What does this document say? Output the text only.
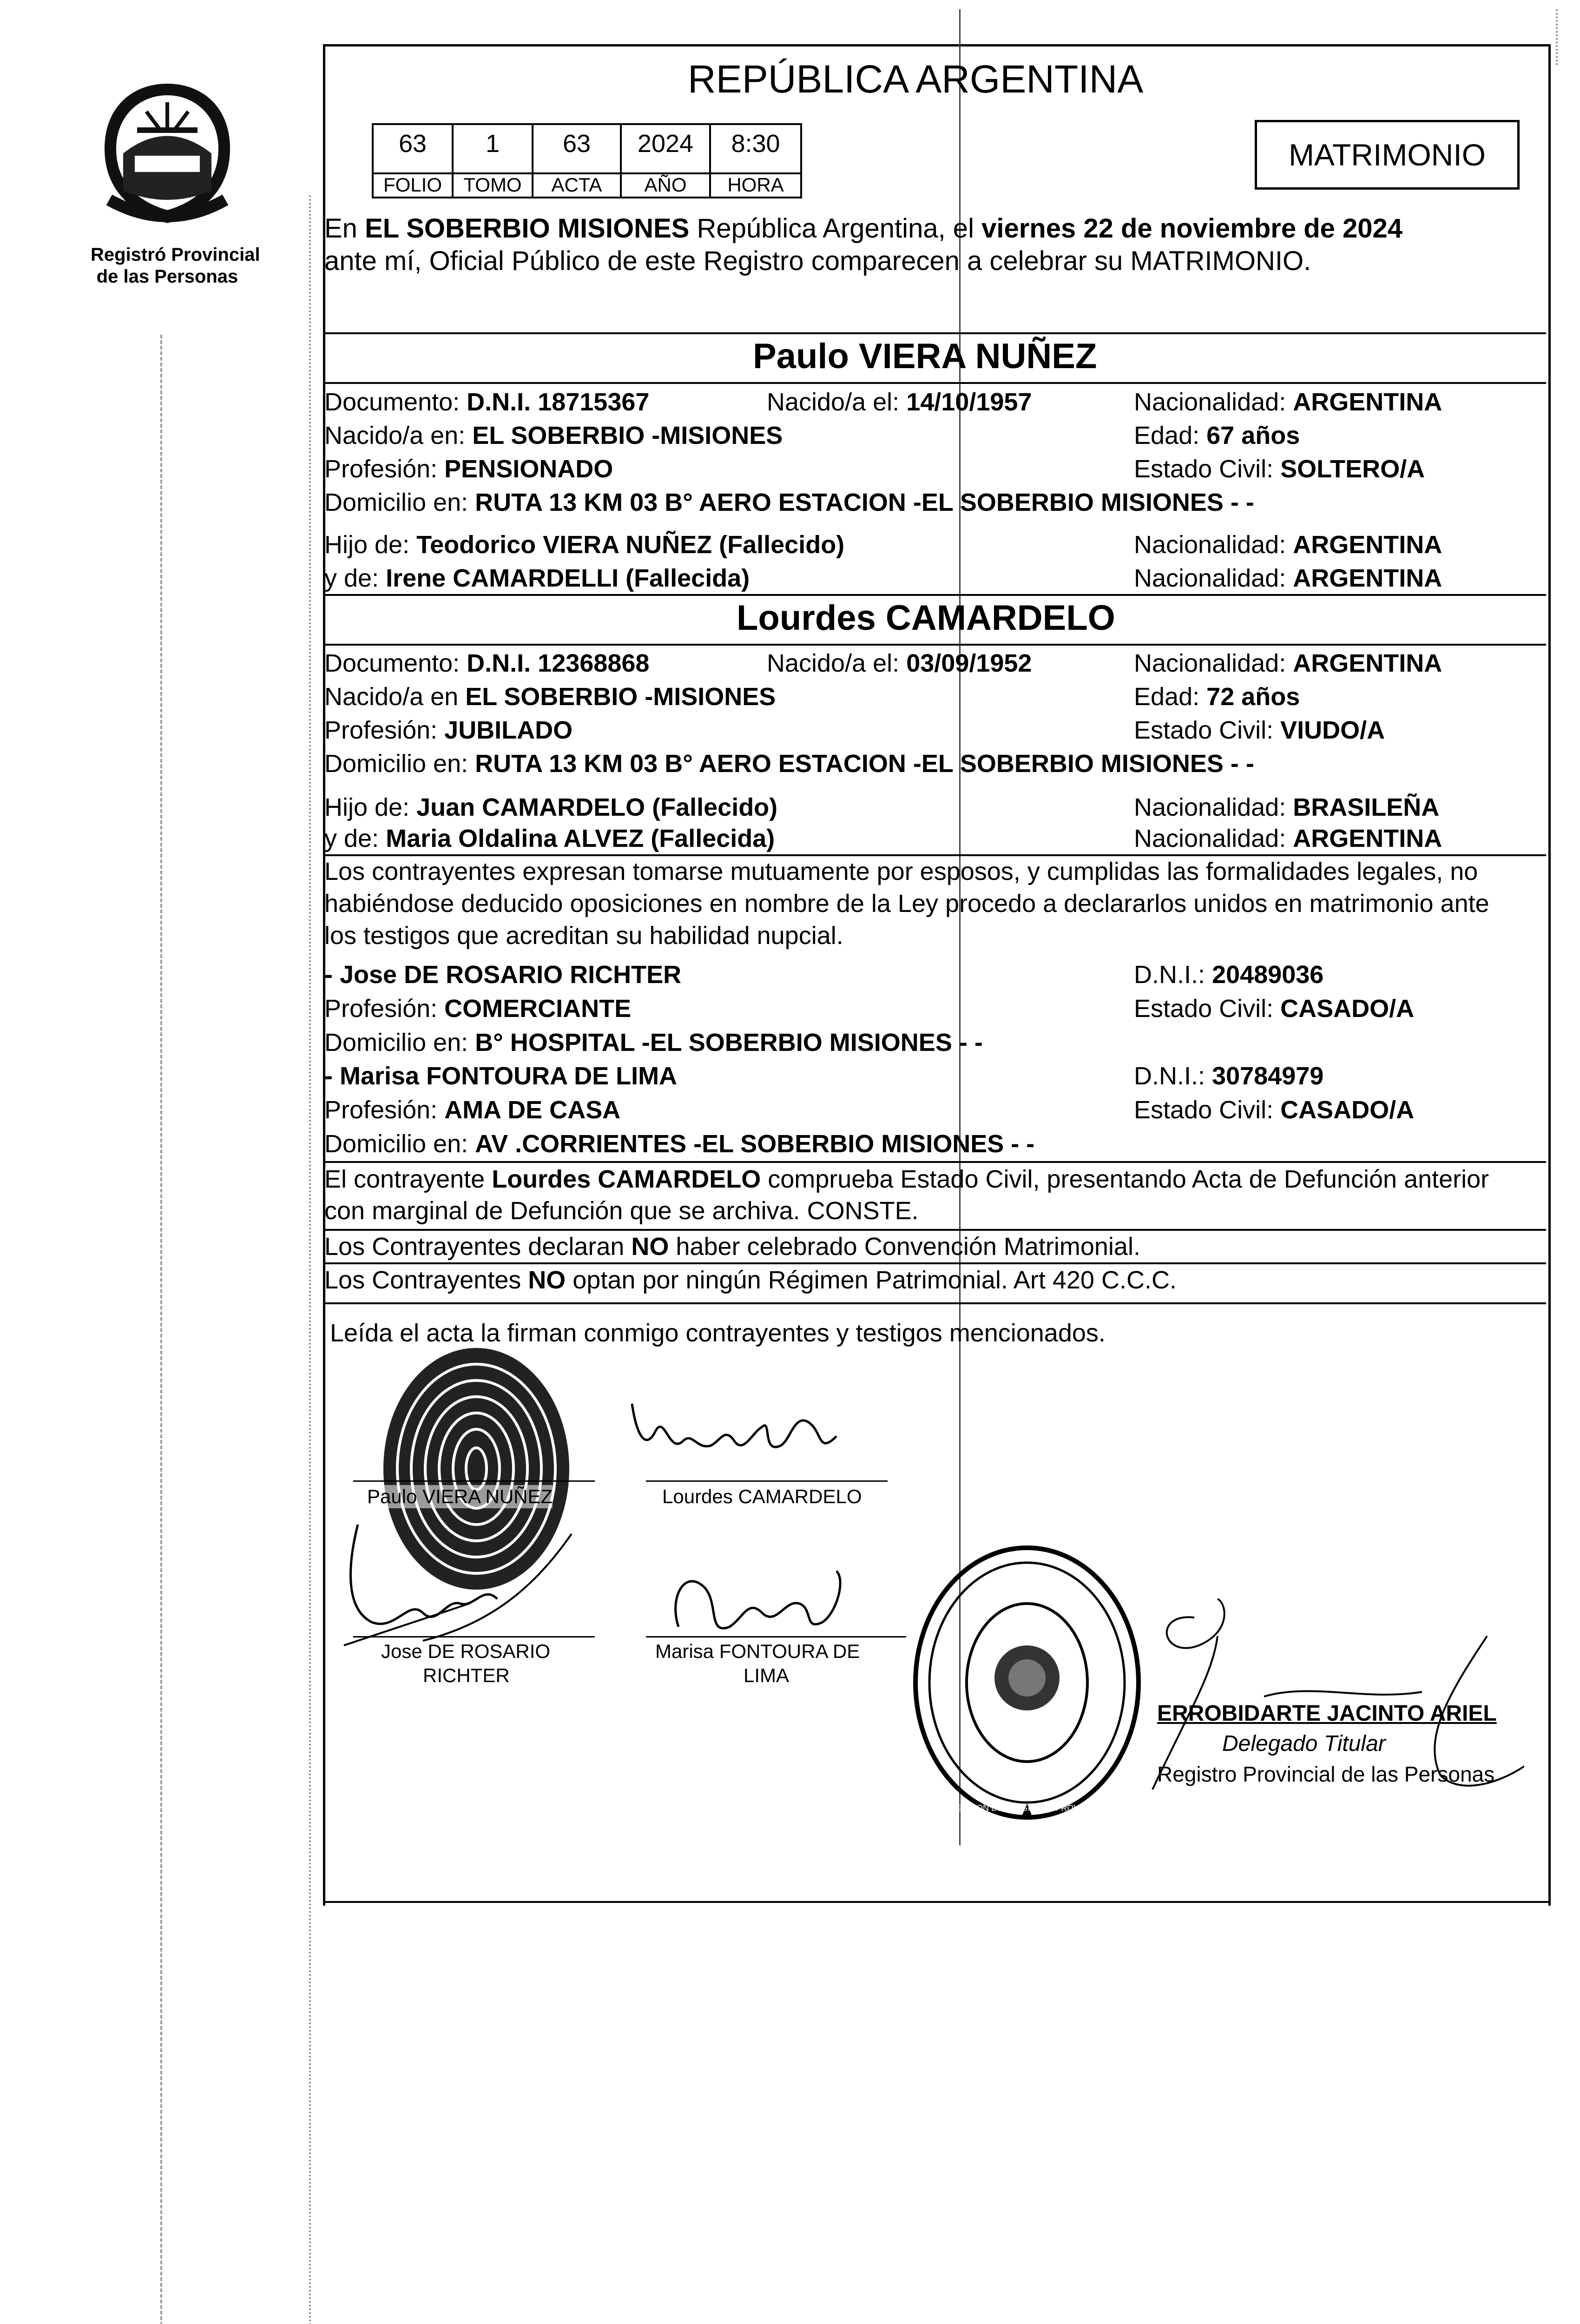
Registró Provincial
de las Personas
REPÚBLICA ARGENTINA
63	1	63	2024	8:30
FOLIO	TOMO	ACTA	AÑO	HORA
MATRIMONIO
En EL SOBERBIO MISIONES República Argentina, el viernes 22 de noviembre de 2024
ante mí, Oficial Público de este Registro comparecen a celebrar su MATRIMONIO.
Paulo VIERA NUÑEZ
Documento: D.N.I. 18715367	Nacido/a el: 14/10/1957	Nacionalidad: ARGENTINA
Nacido/a en: EL SOBERBIO -MISIONES	Edad: 67 años
Profesión: PENSIONADO	Estado Civil: SOLTERO/A
Domicilio en: RUTA 13 KM 03 B° AERO ESTACION -EL SOBERBIO MISIONES - -
Hijo de: Teodorico VIERA NUÑEZ (Fallecido)	Nacionalidad: ARGENTINA
y de: Irene CAMARDELLI (Fallecida)	Nacionalidad: ARGENTINA
Lourdes CAMARDELO
Documento: D.N.I. 12368868	Nacido/a el: 03/09/1952	Nacionalidad: ARGENTINA
Nacido/a en EL SOBERBIO -MISIONES	Edad: 72 años
Profesión: JUBILADO	Estado Civil: VIUDO/A
Domicilio en: RUTA 13 KM 03 B° AERO ESTACION -EL SOBERBIO MISIONES - -
Hijo de: Juan CAMARDELO (Fallecido)	Nacionalidad: BRASILEÑA
y de: Maria Oldalina ALVEZ (Fallecida)	Nacionalidad: ARGENTINA
Los contrayentes expresan tomarse mutuamente por esposos, y cumplidas las formalidades legales, no
habiéndose deducido oposiciones en nombre de la Ley procedo a declararlos unidos en matrimonio ante
los testigos que acreditan su habilidad nupcial.
- Jose DE ROSARIO RICHTER	D.N.I.: 20489036
Profesión: COMERCIANTE	Estado Civil: CASADO/A
Domicilio en: B° HOSPITAL -EL SOBERBIO MISIONES - -
- Marisa FONTOURA DE LIMA	D.N.I.: 30784979
Profesión: AMA DE CASA	Estado Civil: CASADO/A
Domicilio en: AV .CORRIENTES -EL SOBERBIO MISIONES - -
El contrayente Lourdes CAMARDELO comprueba Estado Civil, presentando Acta de Defunción anterior
con marginal de Defunción que se archiva. CONSTE.
Los Contrayentes declaran NO haber celebrado Convención Matrimonial.
Los Contrayentes NO optan por ningún Régimen Patrimonial. Art 420 C.C.C.
Leída el acta la firman conmigo contrayentes y testigos mencionados.
Paulo VIERA NUÑEZ	Lourdes CAMARDELO
Jose DE ROSARIO
RICHTER
Marisa FONTOURA DE
LIMA
DELEGACION DEL REGISTRO PROVINCIAL DE LAS PERSONAS - EL SOBERBIO
ERROBIDARTE JACINTO ARIEL
Delegado Titular
Registro Provincial de las Personas
